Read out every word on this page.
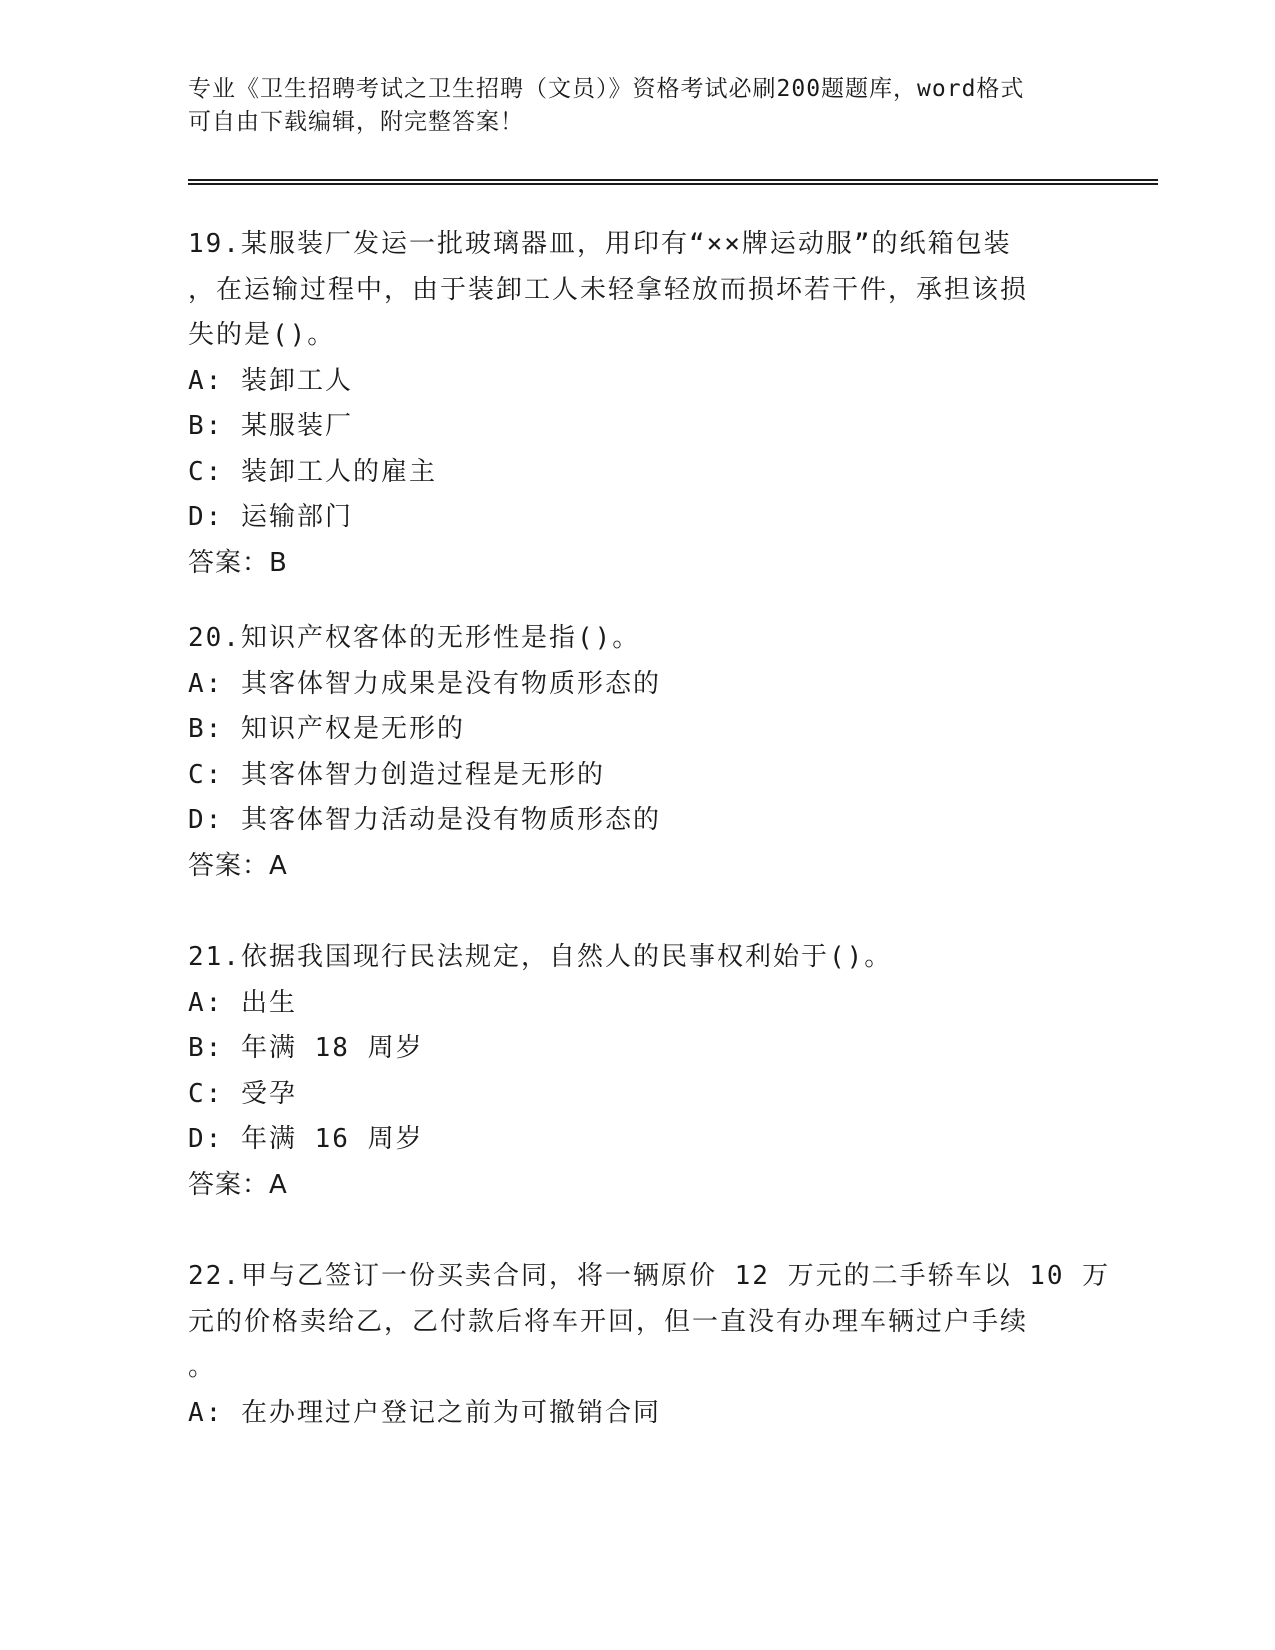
专业《卫生招聘考试之卫生招聘（文员）》资格考试必刷200题题库，word格式
可自由下载编辑，附完整答案！
19.某服装厂发运一批玻璃器皿，用印有“××牌运动服”的纸箱包装
，在运输过程中，由于装卸工人未轻拿轻放而损坏若干件，承担该损
失的是()。
A: 装卸工人
B: 某服装厂
C: 装卸工人的雇主
D: 运输部门
答案：B
20.知识产权客体的无形性是指()。
A: 其客体智力成果是没有物质形态的
B: 知识产权是无形的
C: 其客体智力创造过程是无形的
D: 其客体智力活动是没有物质形态的
答案：A
21.依据我国现行民法规定，自然人的民事权利始于()。
A: 出生
B: 年满 18 周岁
C: 受孕
D: 年满 16 周岁
答案：A
22.甲与乙签订一份买卖合同，将一辆原价 12 万元的二手轿车以 10 万
元的价格卖给乙，乙付款后将车开回，但一直没有办理车辆过户手续
。
A: 在办理过户登记之前为可撤销合同
